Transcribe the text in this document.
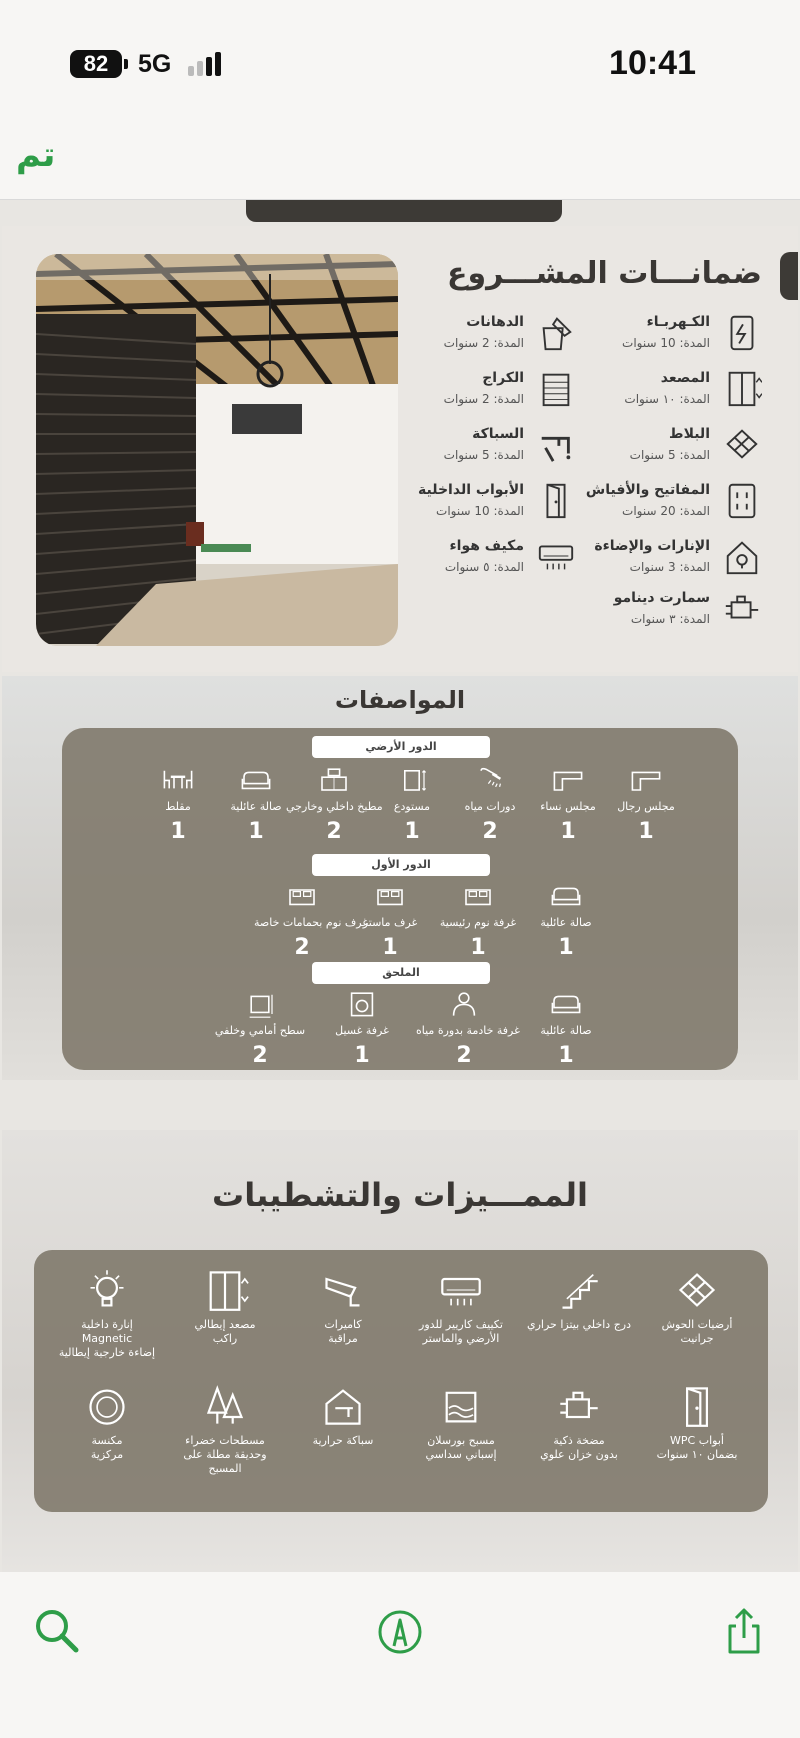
82	5G	10:41
تم
ضمانـــات المشـــروع
الكـهربـاء
المدة: 10 سنوات
المصعد
المدة: ١٠ سنوات
البلاط
المدة: 5 سنوات
المفاتيح والأفياش
المدة: 20 سنوات
الإنارات والإضاءة
المدة: 3 سنوات
سمارت دينامو
المدة: ٣ سنوات
الدهانات
المدة: 2 سنوات
الكراج
المدة: 2 سنوات
السباكة
المدة: 5 سنوات
الأبواب الداخلية
المدة: 10 سنوات
مكيف هواء
المدة: ٥ سنوات
المواصفات
الدور الأرضي
الدور الأول
الملحق
مجلس رجال
1
مجلس نساء
1
دورات مياه
2
مستودع
1
مطبخ داخلي وخارجي
2
صالة عائلية
1
مقلط
1
صالة عائلية
1
غرفة نوم رئيسية
1
غرف ماستر
1
غرف نوم بحمامات خاصة
2
صالة عائلية
1
غرفة خادمة بدورة مياه
2
غرفة غسيل
1
سطح أمامي وخلفي
2
الممـــيزات والتشطيبات
أرضيات الحوش
جرانيت
درج داخلي بيتزا حراري
تكييف كاريير للدور
الأرضي والماستر
كاميرات
مراقبة
مصعد إيطالي
راكب
إنارة داخلية
Magnetic
إضاءة خارجية إيطالية
أبواب WPC
بضمان ١٠ سنوات
مضخة ذكية
بدون خزان علوي
مسبح بورسلان
إسباني سداسي
سباكة حرارية
مسطحات خضراء
وحديقة مطلة على
المسبح
مكنسة
مركزية
